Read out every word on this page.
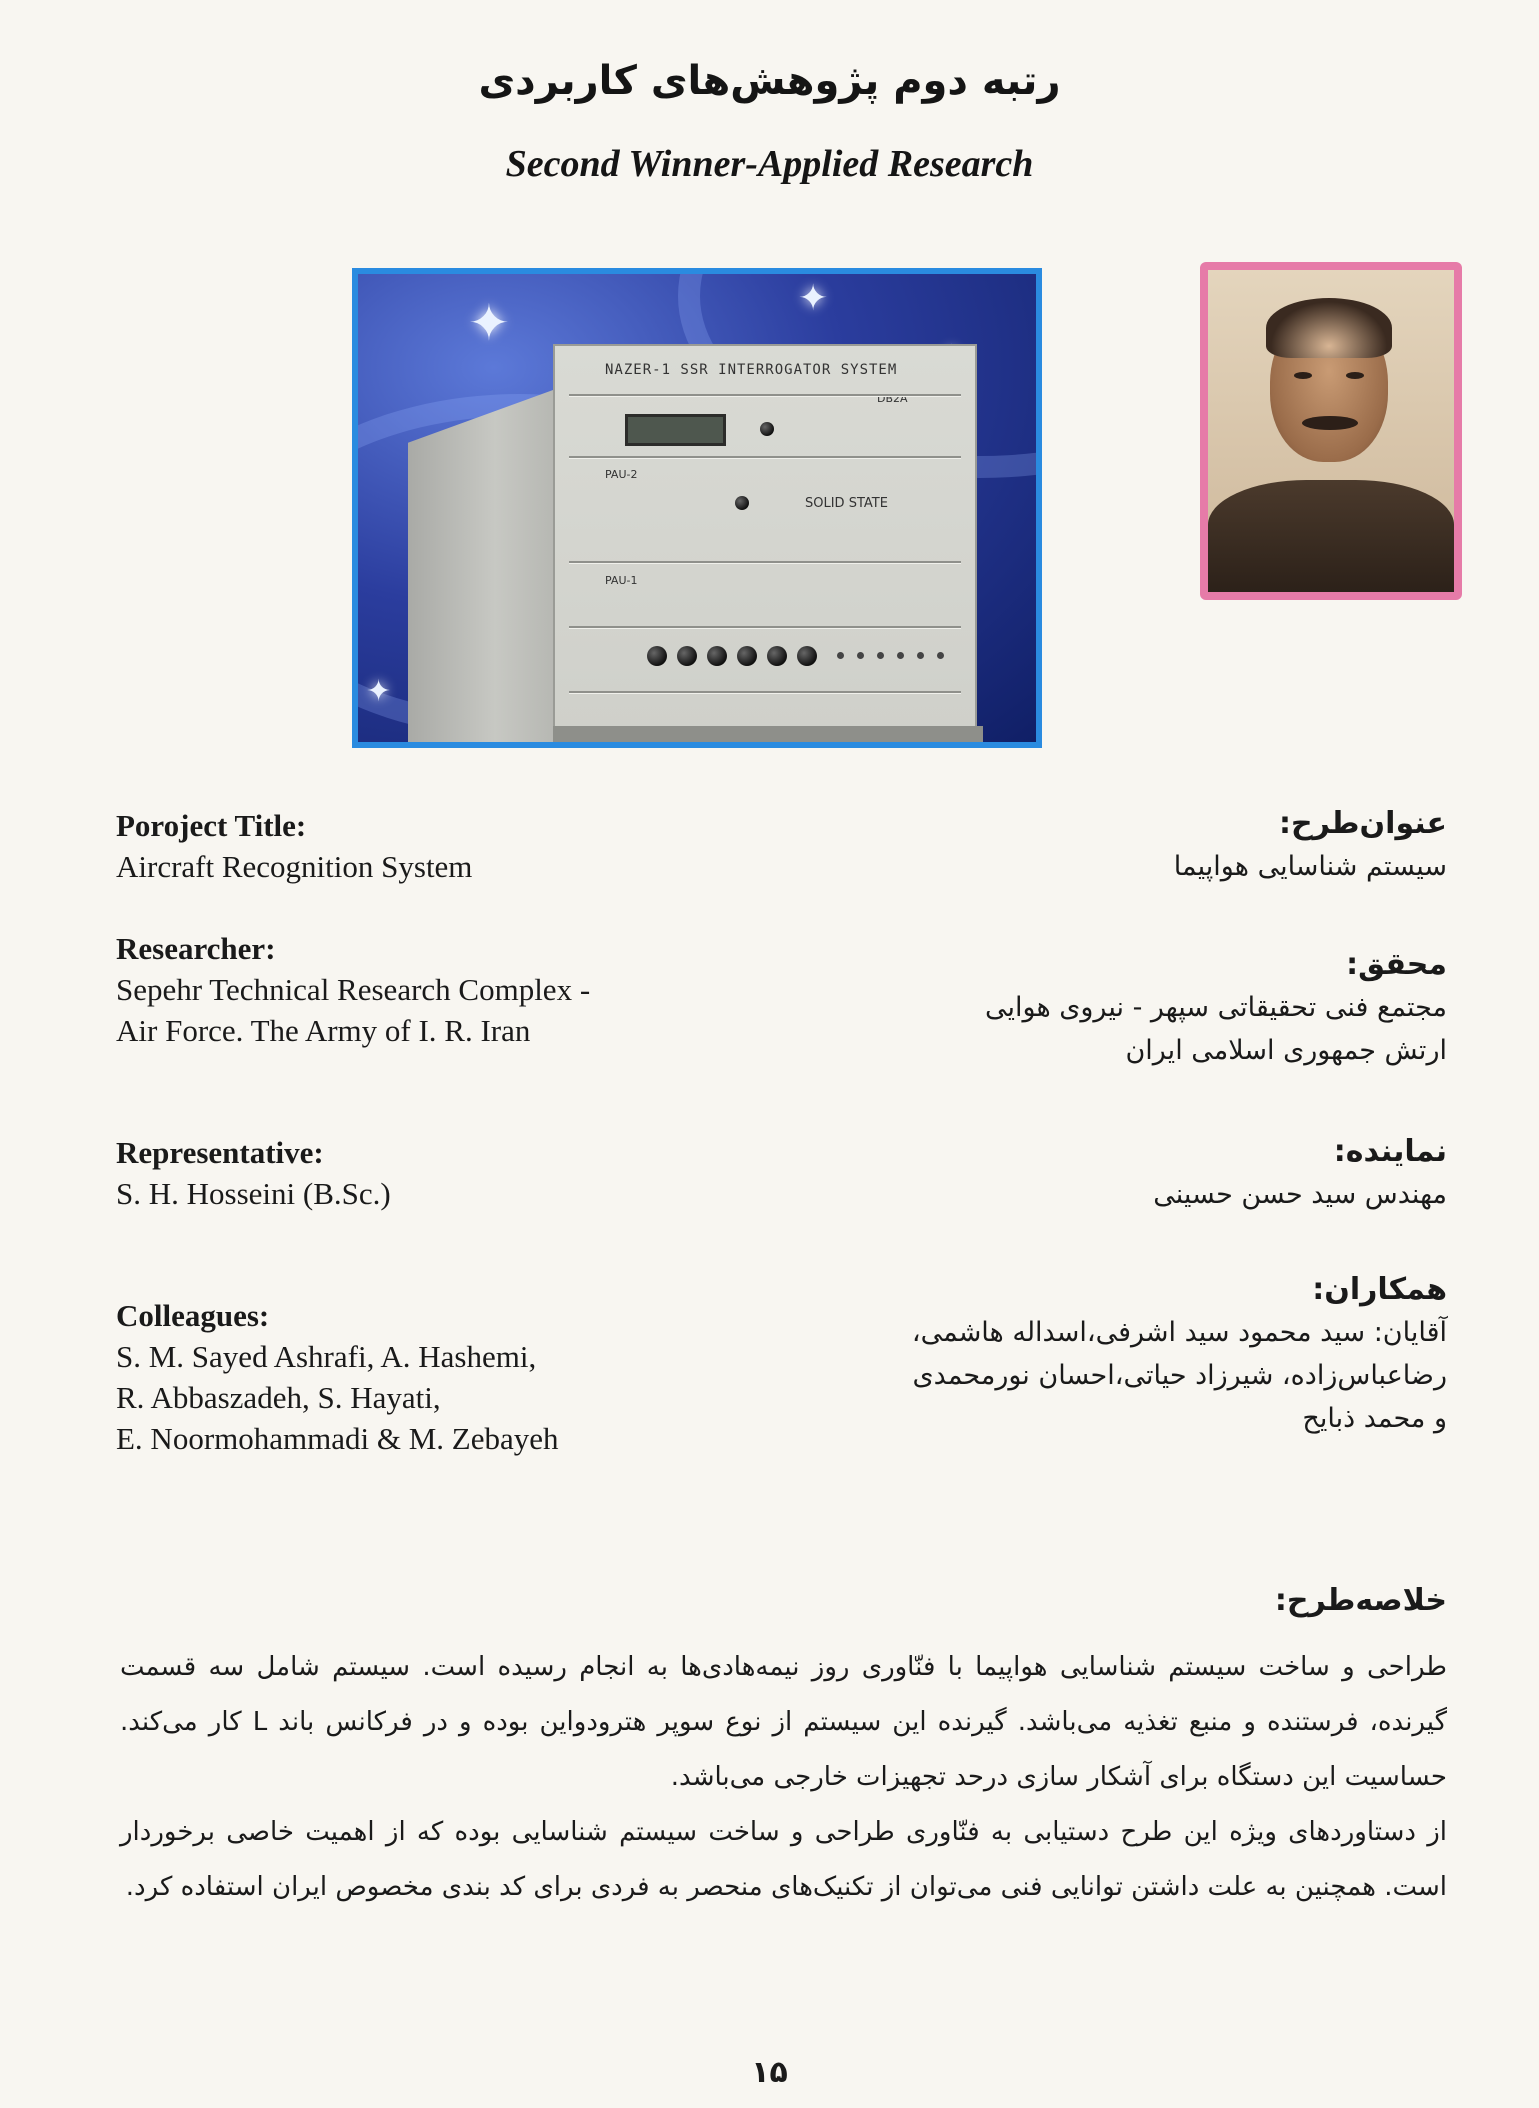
رتبه دوم پژوهش‌های کاربردی
Second Winner-Applied Research
✦	✦
✦
NAZER-1 SSR INTERROGATOR SYSTEM
DB2A
PAU-2
SOLID STATE
PAU-1
Poroject Title:
Aircraft Recognition System
Researcher:
Sepehr Technical Research Complex -
Air Force. The Army of I. R. Iran
Representative:
S. H. Hosseini (B.Sc.)
Colleagues:
S. M. Sayed Ashrafi, A. Hashemi,
R. Abbaszadeh, S. Hayati,
E. Noormohammadi & M. Zebayeh
عنوان‌طرح:
سیستم شناسایی هواپیما
محقق:
مجتمع فنی تحقیقاتی سپهر - نیروی هوایی
ارتش جمهوری اسلامی ایران
نماینده:
مهندس سید حسن حسینی
همکاران:
آقایان: سید محمود سید اشرفی،اسداله هاشمی،
رضاعباس‌زاده، شیرزاد حیاتی،احسان نورمحمدی
و محمد ذبایح
خلاصه‌طرح:

طراحی و ساخت سیستم شناسایی هواپیما با فنّاوری روز نیمه‌هادی‌ها به انجام رسیده است. سیستم شامل سه قسمت گیرنده، فرستنده و منبع تغذیه می‌باشد. گیرنده این سیستم از نوع سوپر هترودواین بوده و در فرکانس باند L کار می‌کند. حساسیت این دستگاه برای آشکار سازی درحد تجهیزات خارجی می‌باشد.

از دستاوردهای ویژه این طرح دستیابی به فنّاوری طراحی و ساخت سیستم شناسایی بوده که از اهمیت خاصی برخوردار است. همچنین به علت داشتن توانایی فنی می‌توان از تکنیک‌های منحصر به فردی برای کد بندی مخصوص ایران استفاده کرد.

۱۵
